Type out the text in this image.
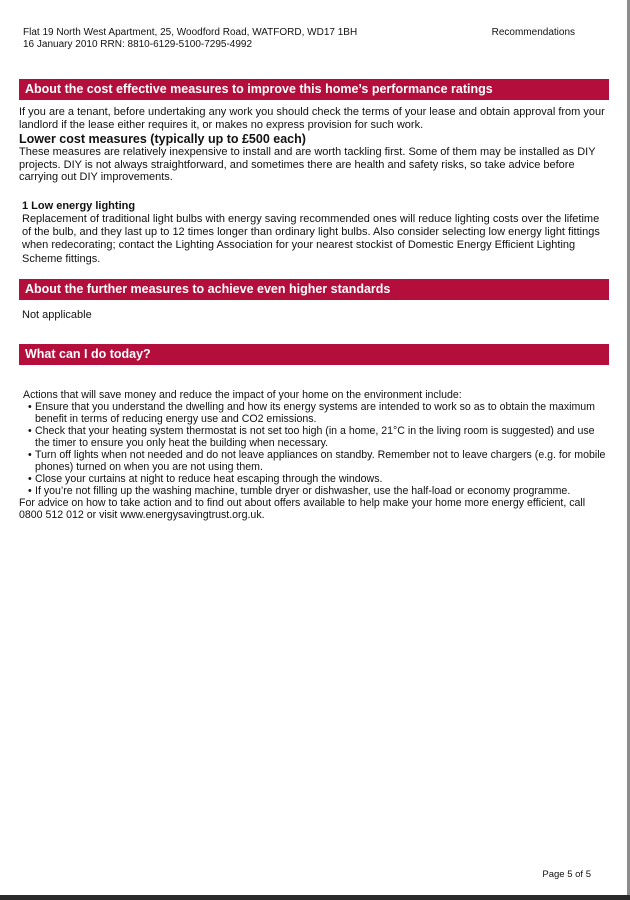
Flat 19 North West Apartment, 25, Woodford Road, WATFORD, WD17 1BH
16 January 2010 RRN: 8810-6129-5100-7295-4992
Recommendations
About the cost effective measures to improve this home’s performance ratings

If you are a tenant, before undertaking any work you should check the terms of your lease and obtain approval from your landlord if the lease either requires it, or makes no express provision for such work.

Lower cost measures (typically up to £500 each)

These measures are relatively inexpensive to install and are worth tackling first. Some of them may be installed as DIY projects. DIY is not always straightforward, and sometimes there are health and safety risks, so take advice before carrying out DIY improvements.

1 Low energy lighting

Replacement of traditional light bulbs with energy saving recommended ones will reduce lighting costs over the lifetime of the bulb, and they last up to 12 times longer than ordinary light bulbs. Also consider selecting low energy light fittings when redecorating; contact the Lighting Association for your nearest stockist of Domestic Energy Efficient Lighting Scheme fittings.

About the further measures to achieve even higher standards

Not applicable

What can I do today?

Actions that will save money and reduce the impact of your home on the environment include:

• Ensure that you understand the dwelling and how its energy systems are intended to work so as to obtain the maximum benefit in terms of reducing energy use and CO2 emissions.
• Check that your heating system thermostat is not set too high (in a home, 21°C in the living room is suggested) and use the timer to ensure you only heat the building when necessary.
• Turn off lights when not needed and do not leave appliances on standby. Remember not to leave chargers (e.g. for mobile phones) turned on when you are not using them.
• Close your curtains at night to reduce heat escaping through the windows.
• If you’re not filling up the washing machine, tumble dryer or dishwasher, use the half-load or economy programme.

For advice on how to take action and to find out about offers available to help make your home more energy efficient, call 0800 512 012 or visit www.energysavingtrust.org.uk.

Page 5 of 5
